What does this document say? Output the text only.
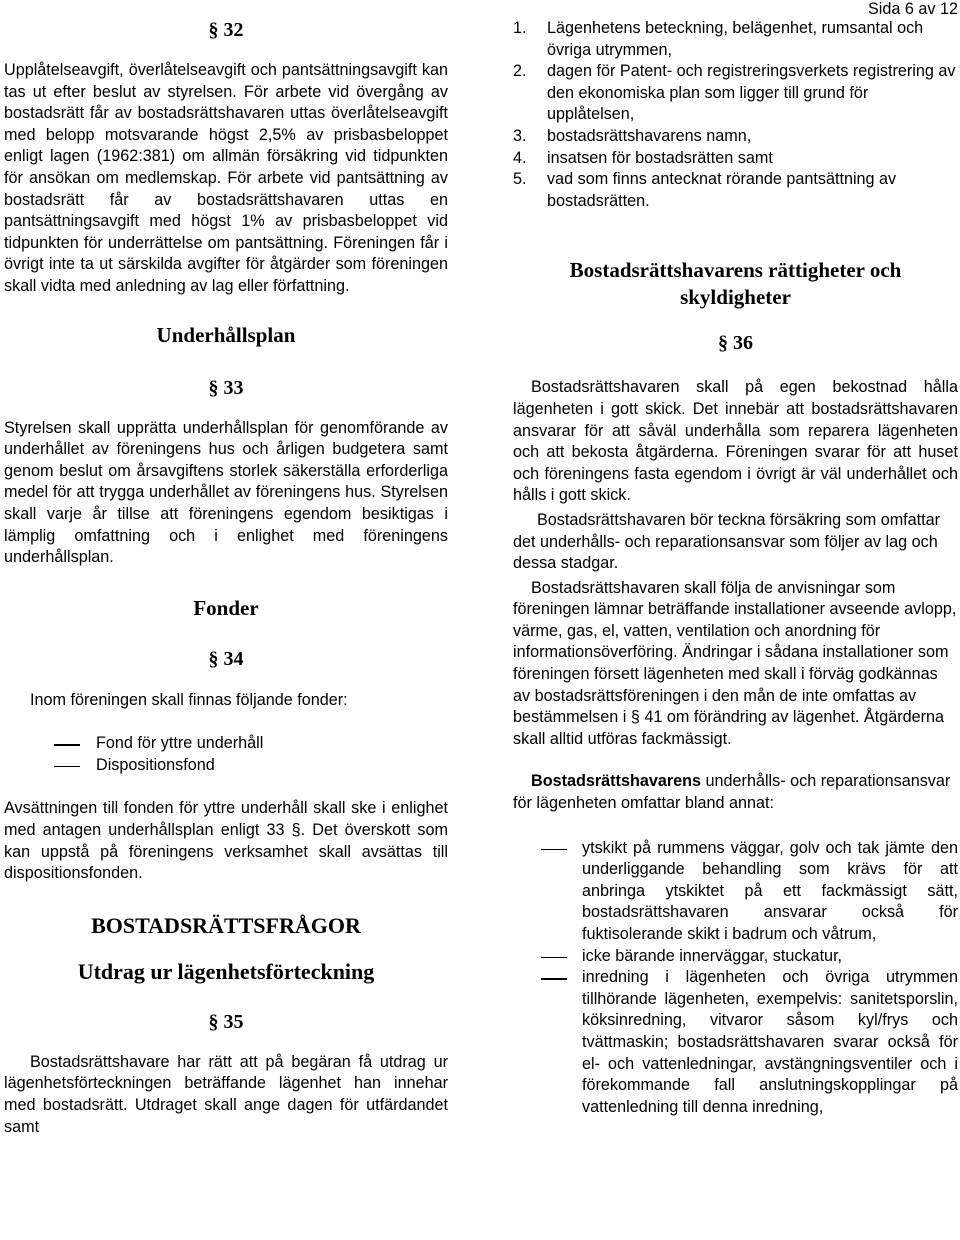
§ 32

Upplåtelseavgift, överlåtelseavgift och pantsättningsavgift kan tas ut efter beslut av styrelsen. För arbete vid övergång av bostadsrätt får av bostadsrättshavaren uttas överlåtelseavgift med belopp motsvarande högst 2,5% av prisbasbeloppet enligt lagen (1962:381) om allmän försäkring vid tidpunkten för ansökan om medlemskap. För arbete vid pantsättning av bostadsrätt får av bostadsrättshavaren uttas en pantsättningsavgift med högst 1% av prisbasbeloppet vid tidpunkten för underrättelse om pantsättning. Föreningen får i övrigt inte ta ut särskilda avgifter för åtgärder som föreningen skall vidta med anledning av lag eller författning.

Underhållsplan
§ 33

Styrelsen skall upprätta underhållsplan för genomförande av underhållet av föreningens hus och årligen budgetera samt genom beslut om årsavgiftens storlek säkerställa erforderliga medel för att trygga underhållet av föreningens hus. Styrelsen skall varje år tillse att föreningens egendom besiktigas i lämplig omfattning och i enlighet med föreningens underhållsplan.

Fonder
§ 34

Inom föreningen skall finnas följande fonder:

Fond för yttre underhåll
Dispositionsfond

Avsättningen till fonden för yttre underhåll skall ske i enlighet med antagen underhållsplan enligt 33 §. Det överskott som kan uppstå på föreningens verksamhet skall avsättas till dispositionsfonden.

BOSTADSRÄTTSFRÅGOR
Utdrag ur lägenhetsförteckning
§ 35

Bostadsrättshavare har rätt att på begäran få utdrag ur lägenhetsförteckningen beträffande lägenhet han innehar med bostadsrätt. Utdraget skall ange dagen för utfärdandet samt

Sida 6 av 12
1. Lägenhetens beteckning, belägenhet, rumsantal och övriga utrymmen,
2. dagen för Patent- och registreringsverkets registrering av den ekonomiska plan som ligger till grund för upplåtelsen,
3. bostadsrättshavarens namn,
4. insatsen för bostadsrätten samt
5. vad som finns antecknat rörande pantsättning av bostadsrätten.
Bostadsrättshavarens rättigheter och skyldigheter
§ 36

Bostadsrättshavaren skall på egen bekostnad hålla lägenheten i gott skick. Det innebär att bostadsrättshavaren ansvarar för att såväl underhålla som reparera lägenheten och att bekosta åtgärderna. Föreningen svarar för att huset och föreningens fasta egendom i övrigt är väl underhållet och hålls i gott skick.

Bostadsrättshavaren bör teckna försäkring som omfattar det underhålls- och reparationsansvar som följer av lag och dessa stadgar.

Bostadsrättshavaren skall följa de anvisningar som föreningen lämnar beträffande installationer avseende avlopp, värme, gas, el, vatten, ventilation och anordning för informationsöverföring. Ändringar i sådana installationer som föreningen försett lägenheten med skall i förväg godkännas av bostadsrättsföreningen i den mån de inte omfattas av bestämmelsen i § 41 om förändring av lägenhet. Åtgärderna skall alltid utföras fackmässigt.

Bostadsrättshavarens underhålls- och reparationsansvar för lägenheten omfattar bland annat:

ytskikt på rummens väggar, golv och tak jämte den underliggande behandling som krävs för att anbringa ytskiktet på ett fackmässigt sätt, bostadsrättshavaren ansvarar också för fuktisolerande skikt i badrum och våtrum,
icke bärande innerväggar, stuckatur,
inredning i lägenheten och övriga utrymmen tillhörande lägenheten, exempelvis: sanitetsporslin, köksinredning, vitvaror såsom kyl/frys och tvättmaskin; bostadsrättshavaren svarar också för el- och vattenledningar, avstängningsventiler och i förekommande fall anslutningskopplingar på vattenledning till denna inredning,
